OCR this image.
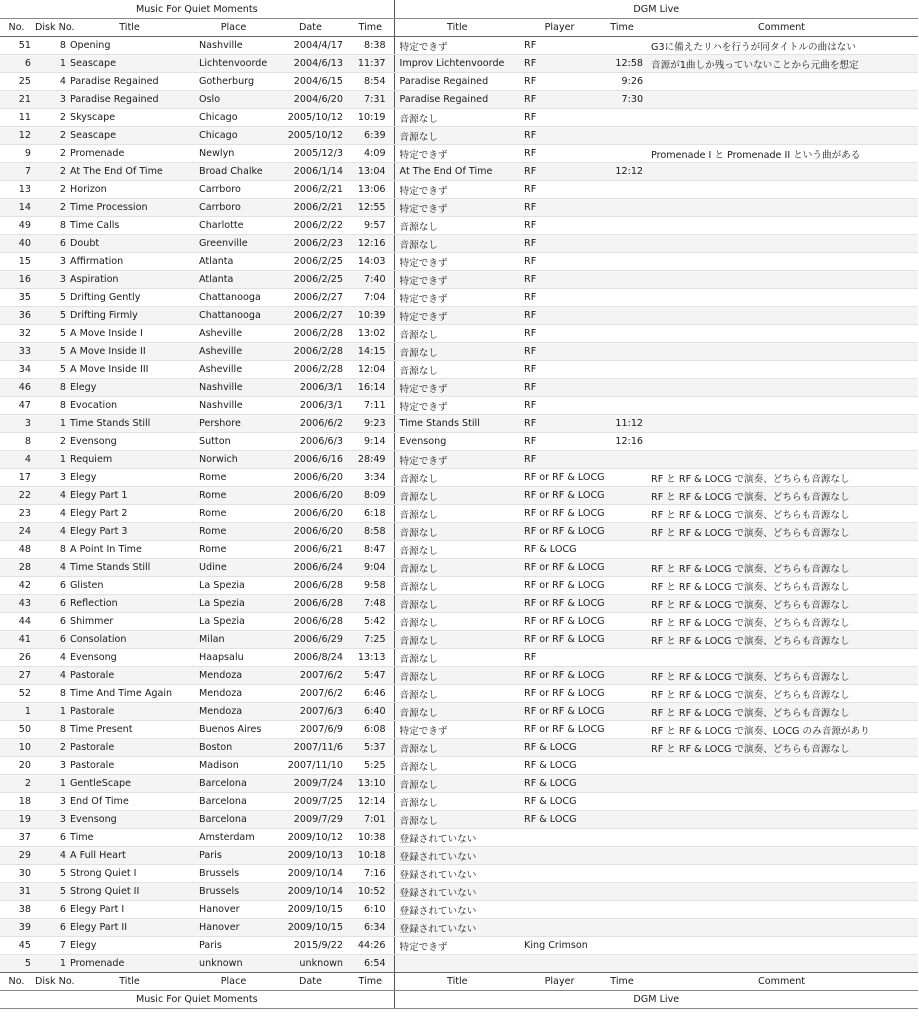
Music For Quiet Moments						DGM Live			
No.	Disk No.	Title	Place	Date	Time	Title	Player	Time	Comment
51	8	Opening	Nashville	2004/4/17	8:38	特定できず	RF		G3に備えたリハを行うが同タイトルの曲はない
6	1	Seascape	Lichtenvoorde	2004/6/13	11:37	Improv Lichtenvoorde	RF	12:58	音源が1曲しか残っていないことから元曲を想定
25	4	Paradise Regained	Gotherburg	2004/6/15	8:54	Paradise Regained	RF	9:26	
21	3	Paradise Regained	Oslo	2004/6/20	7:31	Paradise Regained	RF	7:30	
11	2	Skyscape	Chicago	2005/10/12	10:19	音源なし	RF		
12	2	Seascape	Chicago	2005/10/12	6:39	音源なし	RF		
9	2	Promenade	Newlyn	2005/12/3	4:09	特定できず	RF		Promenade I と Promenade II という曲がある
7	2	At The End Of Time	Broad Chalke	2006/1/14	13:04	At The End Of Time	RF	12:12	
13	2	Horizon	Carrboro	2006/2/21	13:06	特定できず	RF		
14	2	Time Procession	Carrboro	2006/2/21	12:55	特定できず	RF		
49	8	Time Calls	Charlotte	2006/2/22	9:57	音源なし	RF		
40	6	Doubt	Greenville	2006/2/23	12:16	音源なし	RF		
15	3	Affirmation	Atlanta	2006/2/25	14:03	特定できず	RF		
16	3	Aspiration	Atlanta	2006/2/25	7:40	特定できず	RF		
35	5	Drifting Gently	Chattanooga	2006/2/27	7:04	特定できず	RF		
36	5	Drifting Firmly	Chattanooga	2006/2/27	10:39	特定できず	RF		
32	5	A Move Inside I	Asheville	2006/2/28	13:02	音源なし	RF		
33	5	A Move Inside II	Asheville	2006/2/28	14:15	音源なし	RF		
34	5	A Move Inside III	Asheville	2006/2/28	12:04	音源なし	RF		
46	8	Elegy	Nashville	2006/3/1	16:14	特定できず	RF		
47	8	Evocation	Nashville	2006/3/1	7:11	特定できず	RF		
3	1	Time Stands Still	Pershore	2006/6/2	9:23	Time Stands Still	RF	11:12	
8	2	Evensong	Sutton	2006/6/3	9:14	Evensong	RF	12:16	
4	1	Requiem	Norwich	2006/6/16	28:49	特定できず	RF		
17	3	Elegy	Rome	2006/6/20	3:34	音源なし	RF or RF & LOCG		RF と RF & LOCG で演奏、どちらも音源なし
22	4	Elegy Part 1	Rome	2006/6/20	8:09	音源なし	RF or RF & LOCG		RF と RF & LOCG で演奏、どちらも音源なし
23	4	Elegy Part 2	Rome	2006/6/20	6:18	音源なし	RF or RF & LOCG		RF と RF & LOCG で演奏、どちらも音源なし
24	4	Elegy Part 3	Rome	2006/6/20	8:58	音源なし	RF or RF & LOCG		RF と RF & LOCG で演奏、どちらも音源なし
48	8	A Point In Time	Rome	2006/6/21	8:47	音源なし	RF & LOCG		
28	4	Time Stands Still	Udine	2006/6/24	9:04	音源なし	RF or RF & LOCG		RF と RF & LOCG で演奏、どちらも音源なし
42	6	Glisten	La Spezia	2006/6/28	9:58	音源なし	RF or RF & LOCG		RF と RF & LOCG で演奏、どちらも音源なし
43	6	Reflection	La Spezia	2006/6/28	7:48	音源なし	RF or RF & LOCG		RF と RF & LOCG で演奏、どちらも音源なし
44	6	Shimmer	La Spezia	2006/6/28	5:42	音源なし	RF or RF & LOCG		RF と RF & LOCG で演奏、どちらも音源なし
41	6	Consolation	Milan	2006/6/29	7:25	音源なし	RF or RF & LOCG		RF と RF & LOCG で演奏、どちらも音源なし
26	4	Evensong	Haapsalu	2006/8/24	13:13	音源なし	RF		
27	4	Pastorale	Mendoza	2007/6/2	5:47	音源なし	RF or RF & LOCG		RF と RF & LOCG で演奏、どちらも音源なし
52	8	Time And Time Again	Mendoza	2007/6/2	6:46	音源なし	RF or RF & LOCG		RF と RF & LOCG で演奏、どちらも音源なし
1	1	Pastorale	Mendoza	2007/6/3	6:40	音源なし	RF or RF & LOCG		RF と RF & LOCG で演奏、どちらも音源なし
50	8	Time Present	Buenos Aires	2007/6/9	6:08	特定できず	RF or RF & LOCG		RF と RF & LOCG で演奏、LOCG のみ音源があり
10	2	Pastorale	Boston	2007/11/6	5:37	音源なし	RF & LOCG		RF と RF & LOCG で演奏、どちらも音源なし
20	3	Pastorale	Madison	2007/11/10	5:25	音源なし	RF & LOCG		
2	1	GentleScape	Barcelona	2009/7/24	13:10	音源なし	RF & LOCG		
18	3	End Of Time	Barcelona	2009/7/25	12:14	音源なし	RF & LOCG		
19	3	Evensong	Barcelona	2009/7/29	7:01	音源なし	RF & LOCG		
37	6	Time	Amsterdam	2009/10/12	10:38	登録されていない			
29	4	A Full Heart	Paris	2009/10/13	10:18	登録されていない			
30	5	Strong Quiet I	Brussels	2009/10/14	7:16	登録されていない			
31	5	Strong Quiet II	Brussels	2009/10/14	10:52	登録されていない			
38	6	Elegy Part I	Hanover	2009/10/15	6:10	登録されていない			
39	6	Elegy Part II	Hanover	2009/10/15	6:34	登録されていない			
45	7	Elegy	Paris	2015/9/22	44:26	特定できず	King Crimson		
5	1	Promenade	unknown	unknown	6:54				
No.	Disk No.	Title	Place	Date	Time	Title	Player	Time	Comment
Music For Quiet Moments						DGM Live			
